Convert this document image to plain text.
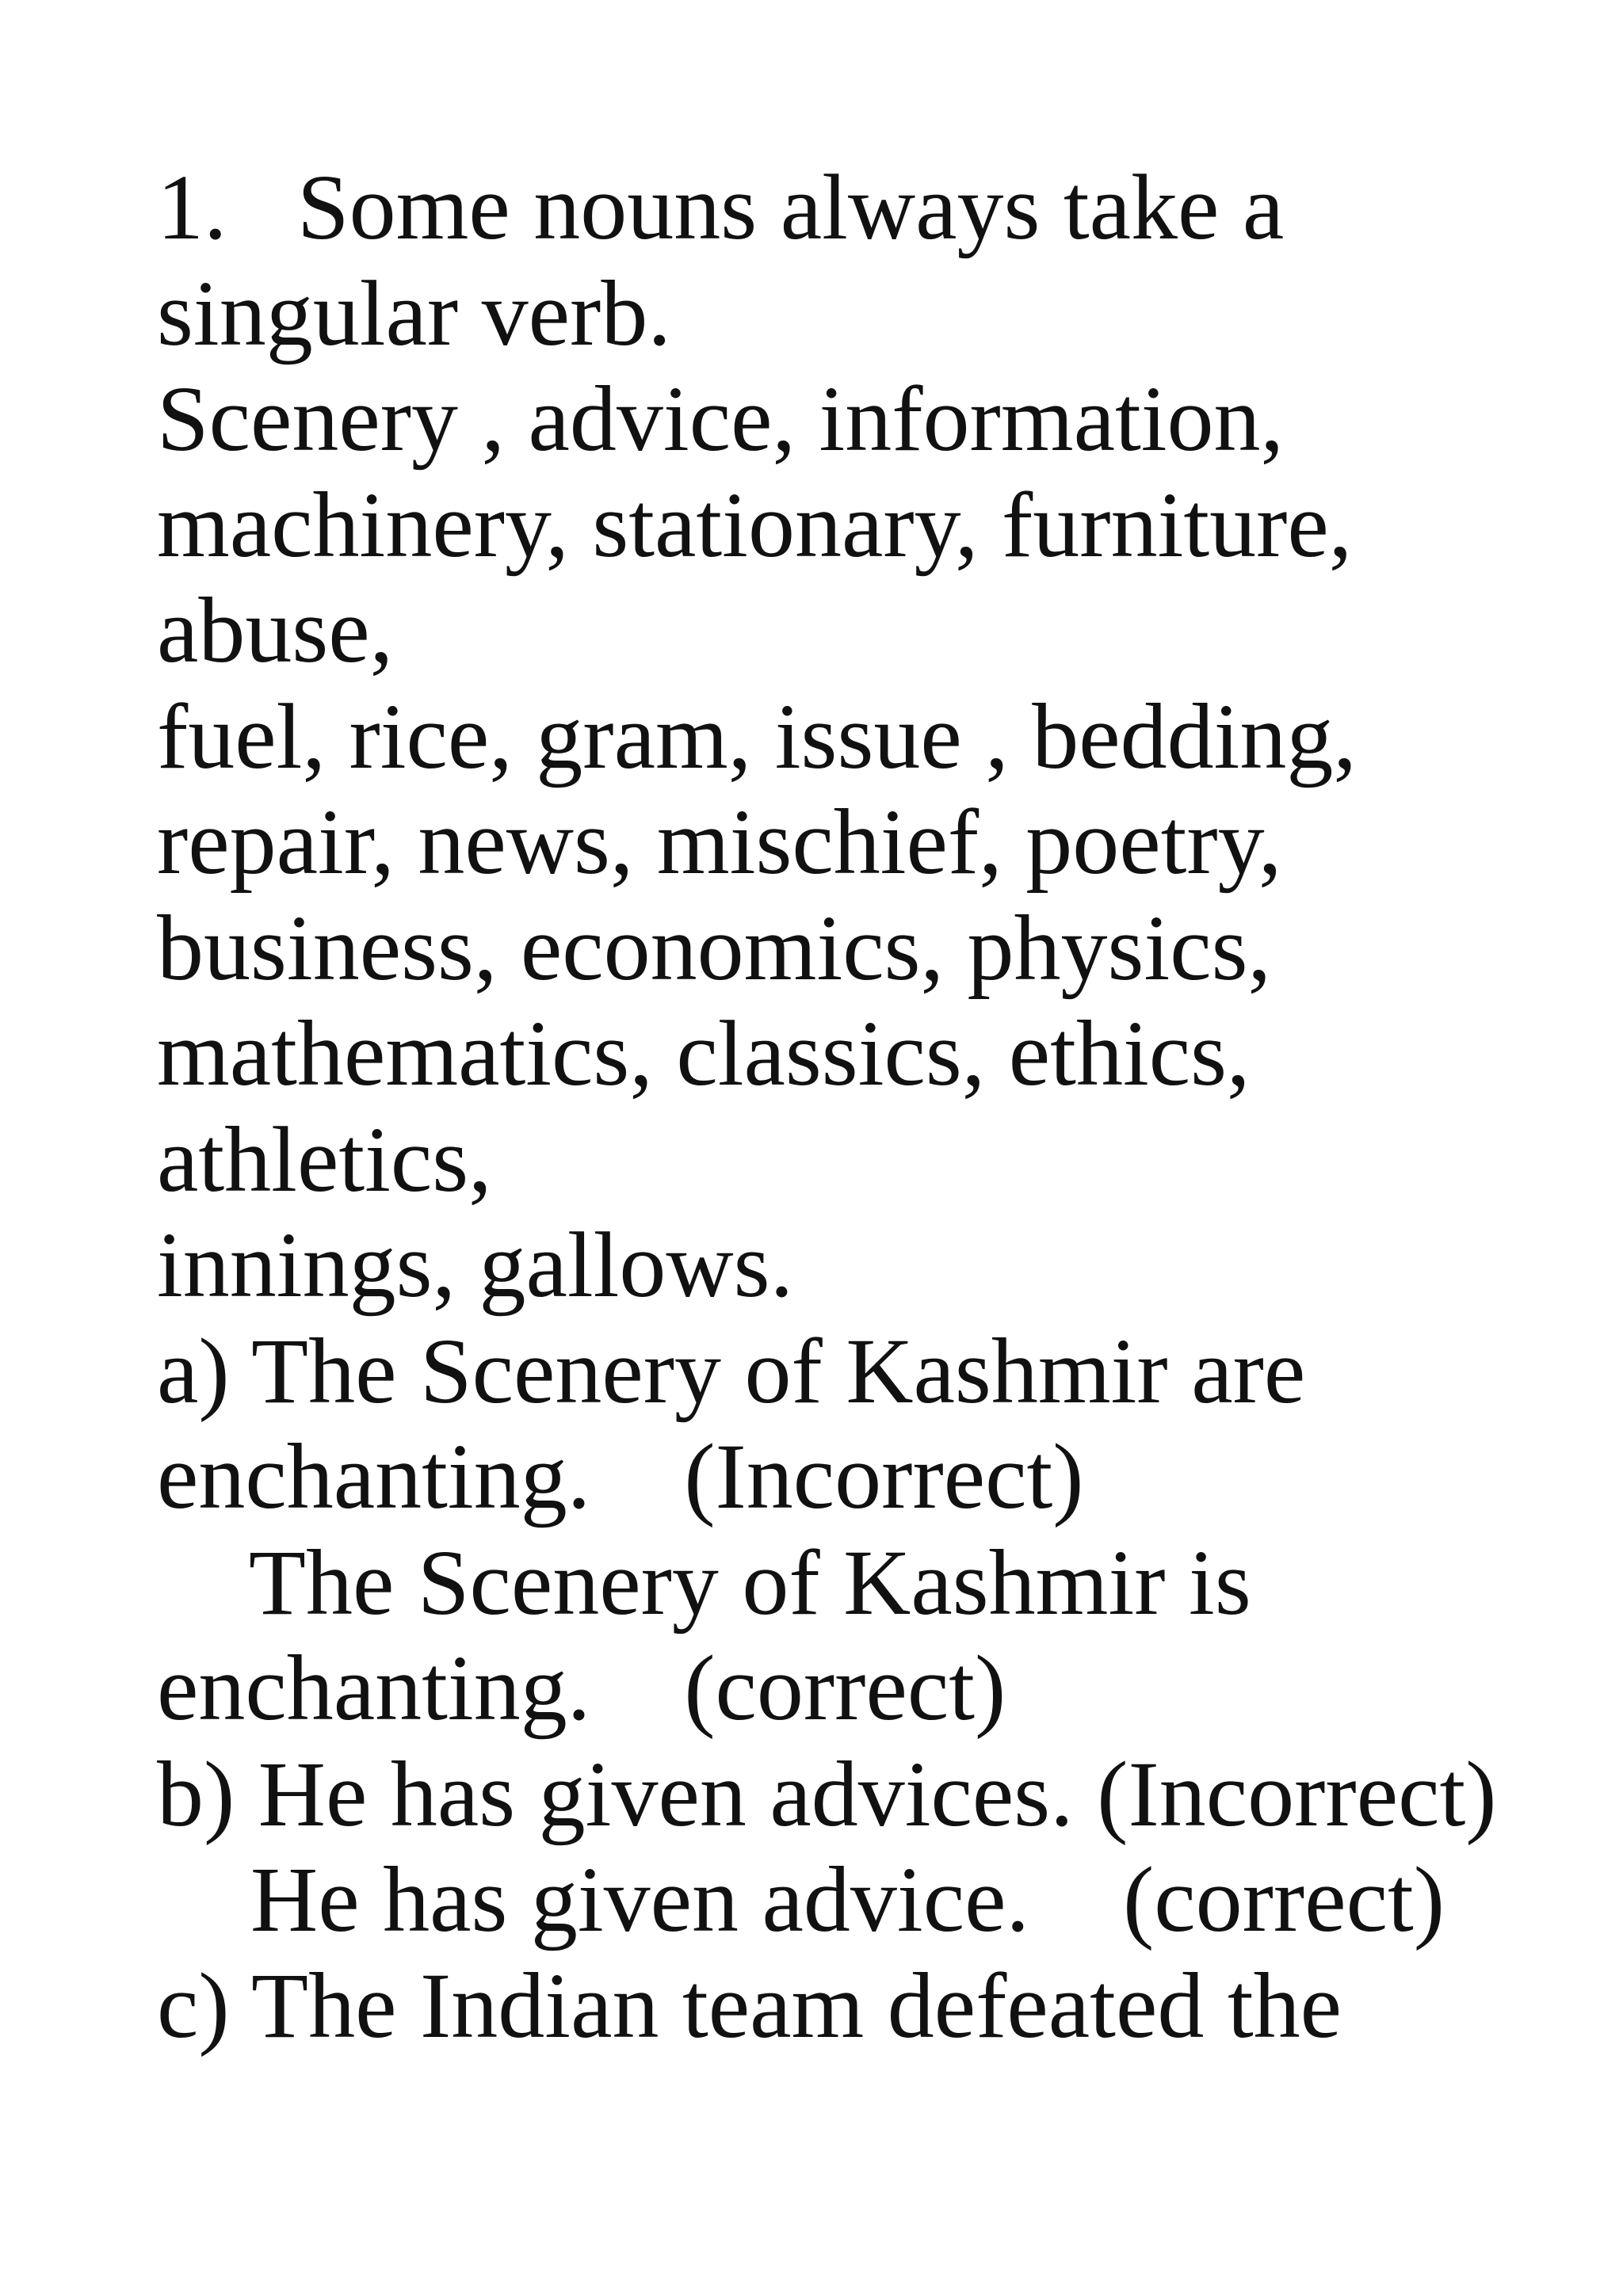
1.   Some nouns always take a

singular verb.

Scenery , advice, information,

machinery, stationary, furniture,

abuse,

fuel, rice, gram, issue , bedding,

repair, news, mischief, poetry,

business, economics, physics,

mathematics, classics, ethics,

athletics,

innings, gallows.

a) The Scenery of Kashmir are

enchanting.    (Incorrect)

The Scenery of Kashmir is

enchanting.    (correct)

b) He has given advices. (Incorrect)

He has given advice.    (correct)

c) The Indian team defeated the
